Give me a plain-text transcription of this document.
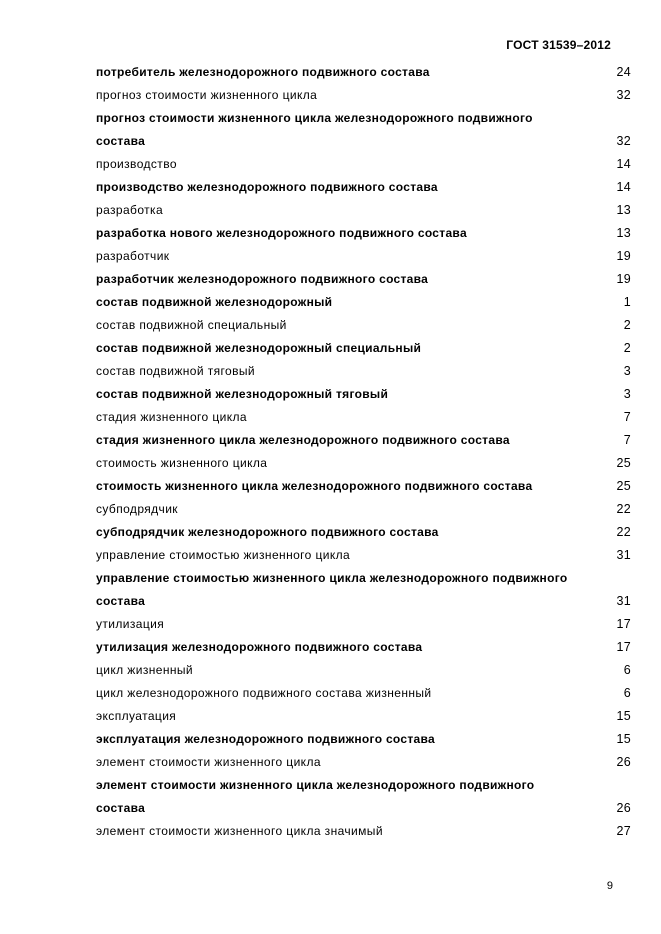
ГОСТ 31539–2012
потребитель железнодорожного подвижного состава	24
прогноз стоимости жизненного цикла	32
прогноз стоимости жизненного цикла железнодорожного подвижного состава	32
производство	14
производство железнодорожного подвижного состава	14
разработка	13
разработка нового железнодорожного подвижного состава	13
разработчик	19
разработчик железнодорожного подвижного состава	19
состав подвижной железнодорожный	1
состав подвижной специальный	2
состав подвижной железнодорожный специальный	2
состав подвижной тяговый	3
состав подвижной железнодорожный тяговый	3
стадия жизненного цикла	7
стадия жизненного цикла железнодорожного подвижного состава	7
стоимость жизненного цикла	25
стоимость жизненного цикла железнодорожного подвижного состава	25
субподрядчик	22
субподрядчик железнодорожного подвижного состава	22
управление стоимостью жизненного цикла	31
управление стоимостью жизненного цикла железнодорожного подвижного состава	31
утилизация	17
утилизация железнодорожного подвижного состава	17
цикл жизненный	6
цикл железнодорожного подвижного состава жизненный	6
эксплуатация	15
эксплуатация железнодорожного подвижного состава	15
элемент стоимости жизненного цикла	26
элемент стоимости жизненного цикла железнодорожного подвижного состава	26
элемент стоимости жизненного цикла значимый	27
9
